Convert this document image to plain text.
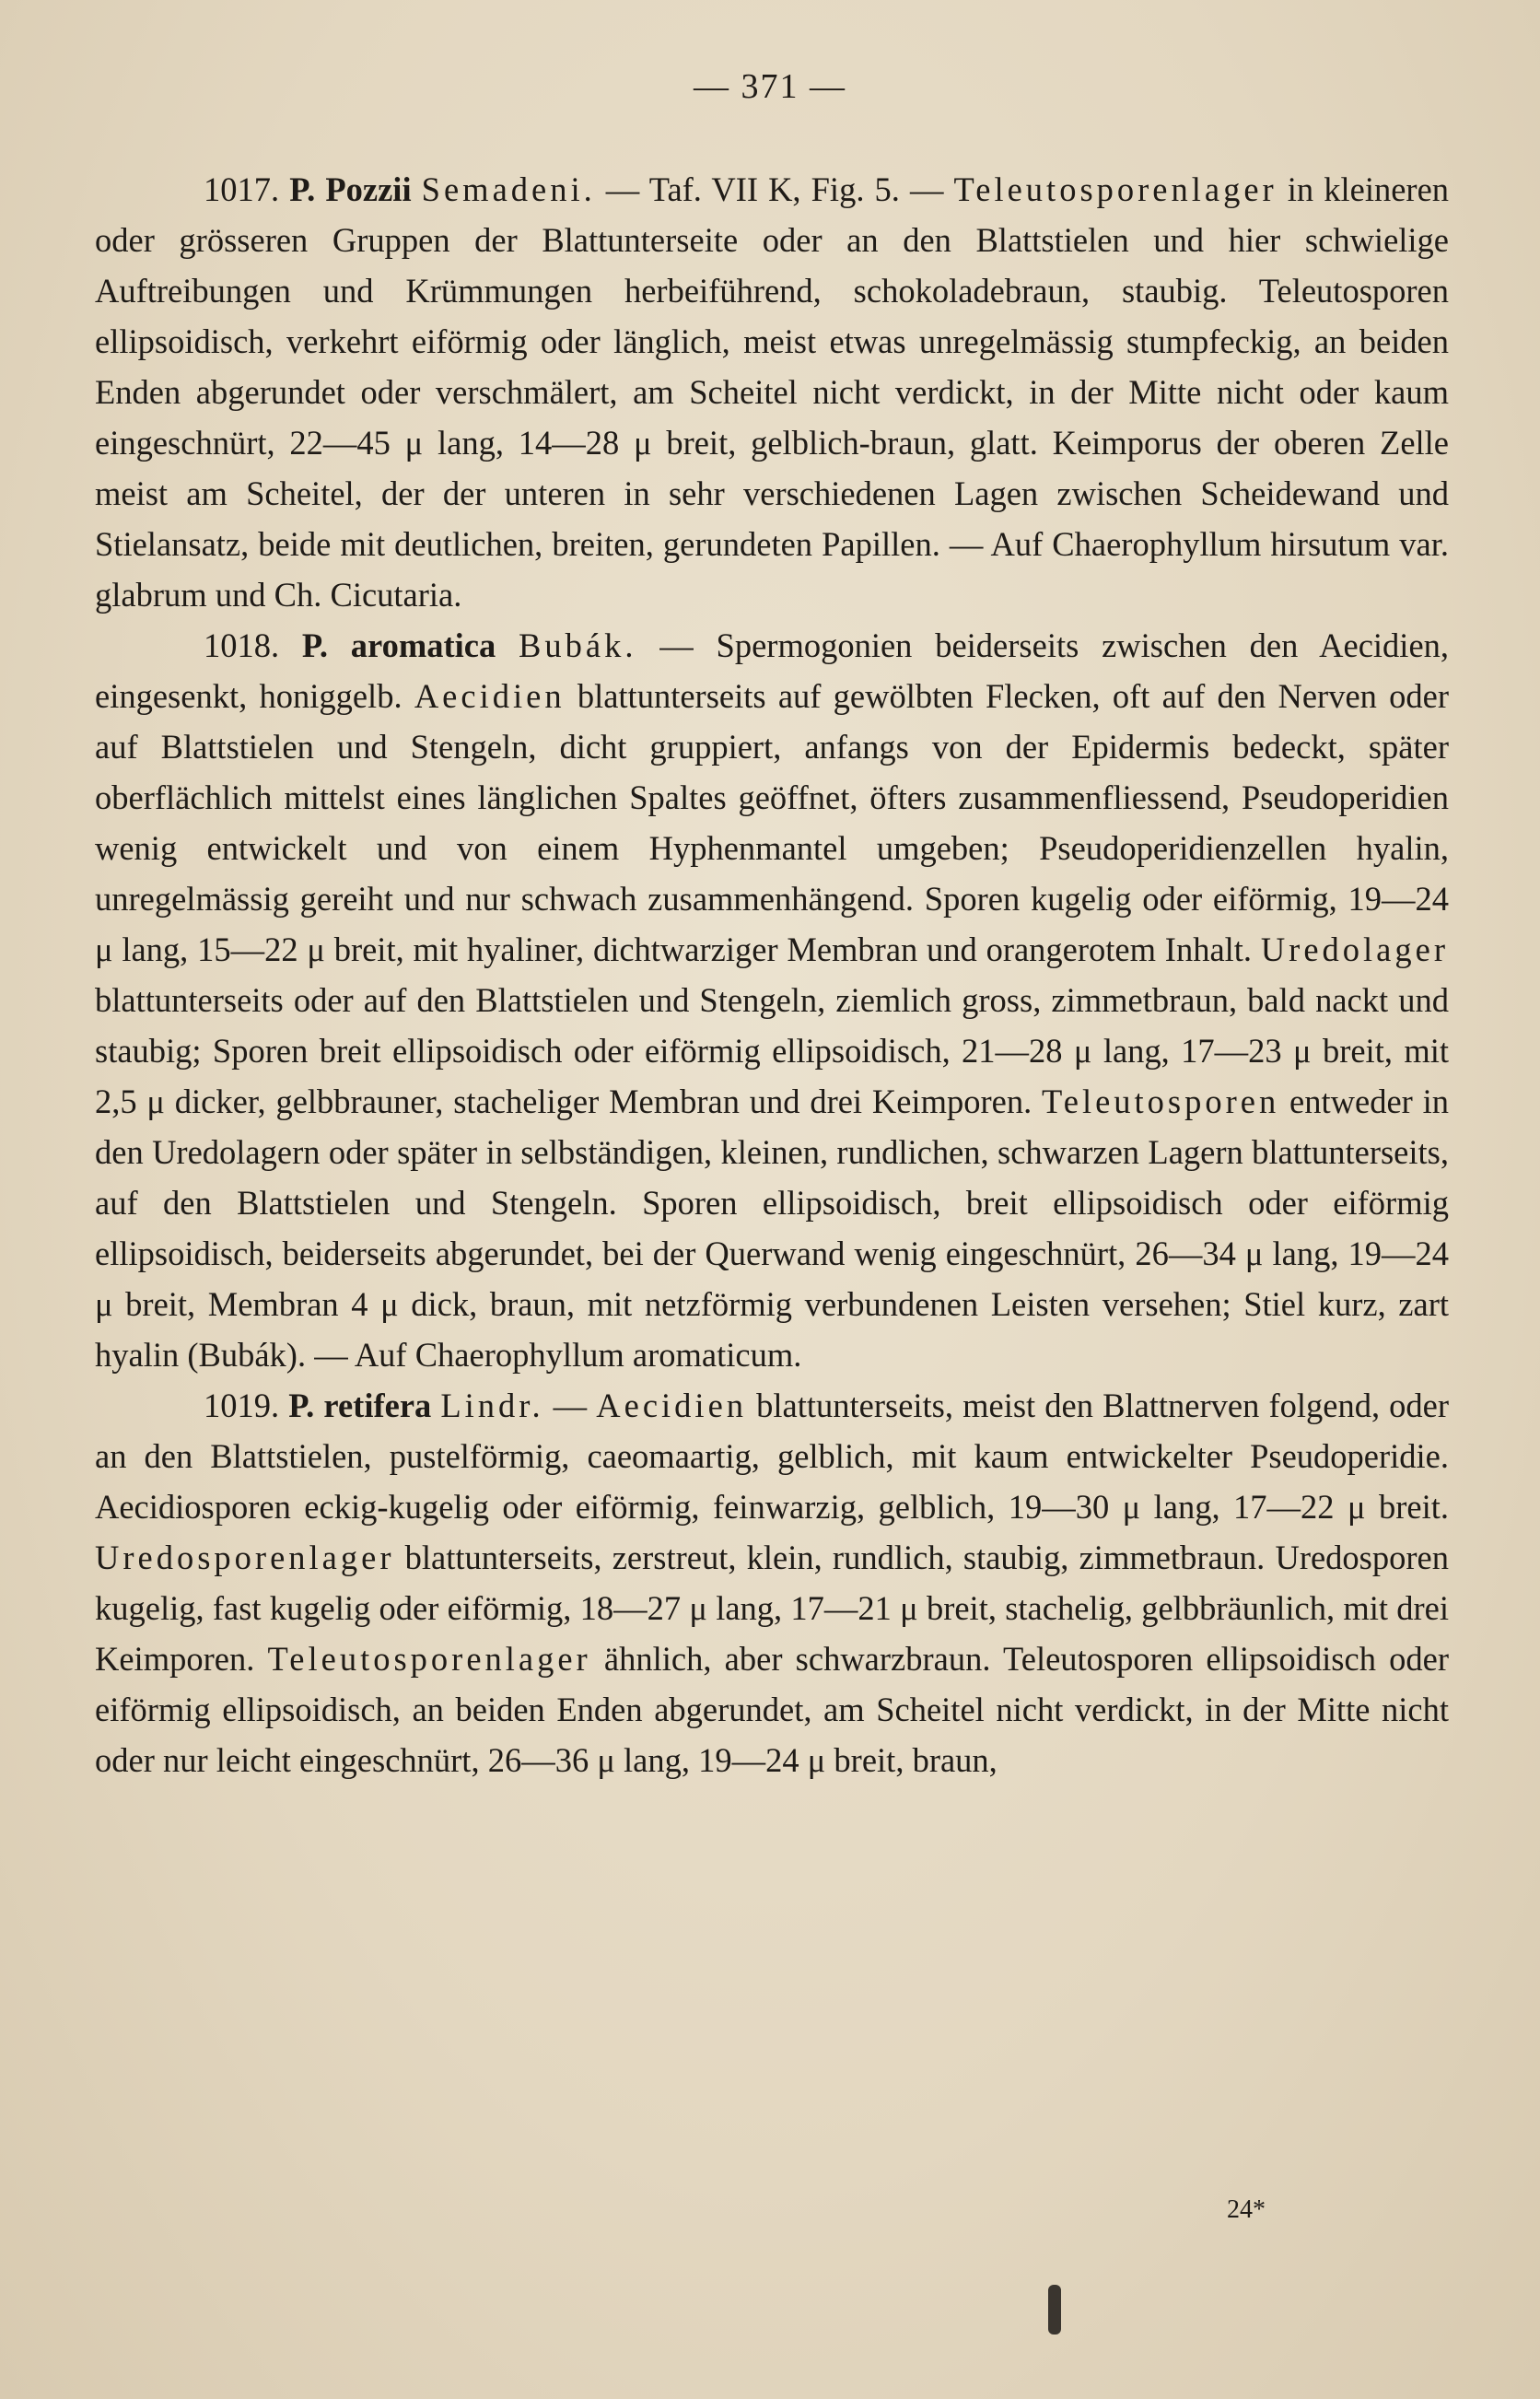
— 371 —

1017. P. Pozzii Semadeni. — Taf. VII K, Fig. 5. — Teleutosporenlager in kleineren oder grösseren Gruppen der Blattunterseite oder an den Blattstielen und hier schwielige Auftreibungen und Krümmungen herbeiführend, schokoladebraun, staubig. Teleutosporen ellipsoidisch, verkehrt eiförmig oder länglich, meist etwas unregelmässig stumpfeckig, an beiden Enden abgerundet oder verschmälert, am Scheitel nicht verdickt, in der Mitte nicht oder kaum eingeschnürt, 22—45 μ lang, 14—28 μ breit, gelblich-braun, glatt. Keimporus der oberen Zelle meist am Scheitel, der der unteren in sehr verschiedenen Lagen zwischen Scheidewand und Stielansatz, beide mit deutlichen, breiten, gerundeten Papillen. — Auf Chaerophyllum hirsutum var. glabrum und Ch. Cicutaria.

1018. P. aromatica Bubák. — Spermogonien beiderseits zwischen den Aecidien, eingesenkt, honiggelb. Aecidien blattunterseits auf gewölbten Flecken, oft auf den Nerven oder auf Blattstielen und Stengeln, dicht gruppiert, anfangs von der Epidermis bedeckt, später oberflächlich mittelst eines länglichen Spaltes geöffnet, öfters zusammenfliessend, Pseudoperidien wenig entwickelt und von einem Hyphenmantel umgeben; Pseudoperidienzellen hyalin, unregelmässig gereiht und nur schwach zusammenhängend. Sporen kugelig oder eiförmig, 19—24 μ lang, 15—22 μ breit, mit hyaliner, dichtwarziger Membran und orangerotem Inhalt. Uredolager blattunterseits oder auf den Blattstielen und Stengeln, ziemlich gross, zimmetbraun, bald nackt und staubig; Sporen breit ellipsoidisch oder eiförmig ellipsoidisch, 21—28 μ lang, 17—23 μ breit, mit 2,5 μ dicker, gelbbrauner, stacheliger Membran und drei Keimporen. Teleutosporen entweder in den Uredolagern oder später in selbständigen, kleinen, rundlichen, schwarzen Lagern blattunterseits, auf den Blattstielen und Stengeln. Sporen ellipsoidisch, breit ellipsoidisch oder eiförmig ellipsoidisch, beiderseits abgerundet, bei der Querwand wenig eingeschnürt, 26—34 μ lang, 19—24 μ breit, Membran 4 μ dick, braun, mit netzförmig verbundenen Leisten versehen; Stiel kurz, zart hyalin (Bubák). — Auf Chaerophyllum aromaticum.

1019. P. retifera Lindr. — Aecidien blattunterseits, meist den Blattnerven folgend, oder an den Blattstielen, pustelförmig, caeomaartig, gelblich, mit kaum entwickelter Pseudoperidie. Aecidiosporen eckig-kugelig oder eiförmig, feinwarzig, gelblich, 19—30 μ lang, 17—22 μ breit. Uredosporenlager blattunterseits, zerstreut, klein, rundlich, staubig, zimmetbraun. Uredosporen kugelig, fast kugelig oder eiförmig, 18—27 μ lang, 17—21 μ breit, stachelig, gelbbräunlich, mit drei Keimporen. Teleutosporenlager ähnlich, aber schwarzbraun. Teleutosporen ellipsoidisch oder eiförmig ellipsoidisch, an beiden Enden abgerundet, am Scheitel nicht verdickt, in der Mitte nicht oder nur leicht eingeschnürt, 26—36 μ lang, 19—24 μ breit, braun,

24*
